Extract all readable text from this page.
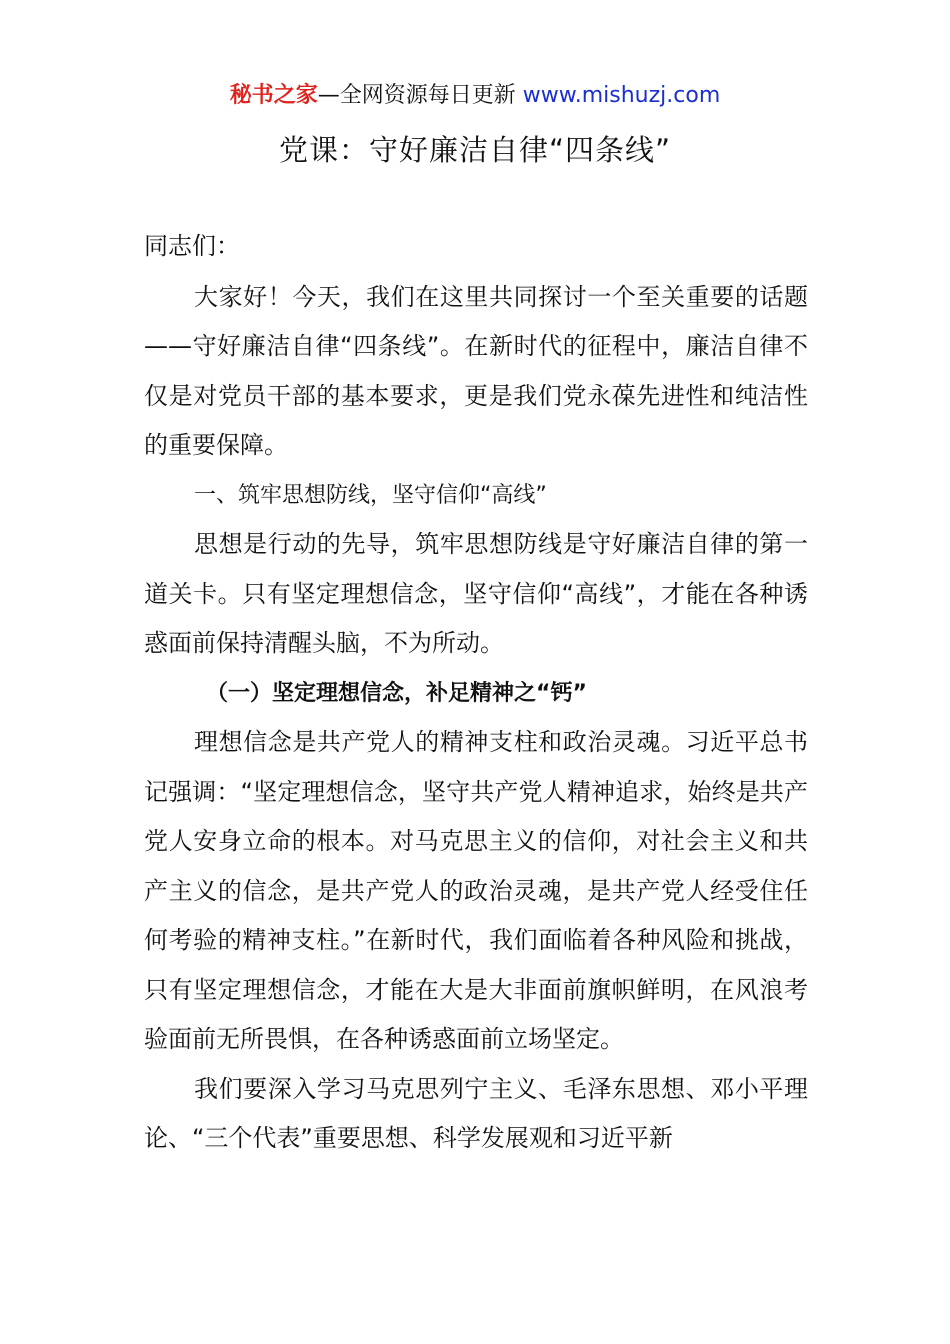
秘书之家—全网资源每日更新 www.mishuzj.com
党课：守好廉洁自律“四条线”

同志们：

大家好！今天，我们在这里共同探讨一个至关重要的话题——守好廉洁自律“四条线”。在新时代的征程中，廉洁自律不仅是对党员干部的基本要求，更是我们党永葆先进性和纯洁性的重要保障。

一、筑牢思想防线，坚守信仰“高线”

思想是行动的先导，筑牢思想防线是守好廉洁自律的第一道关卡。只有坚定理想信念，坚守信仰“高线”，才能在各种诱惑面前保持清醒头脑，不为所动。

（一）坚定理想信念，补足精神之“钙”

理想信念是共产党人的精神支柱和政治灵魂。习近平总书记强调：“坚定理想信念，坚守共产党人精神追求，始终是共产党人安身立命的根本。对马克思主义的信仰，对社会主义和共产主义的信念，是共产党人的政治灵魂，是共产党人经受住任何考验的精神支柱。”在新时代，我们面临着各种风险和挑战，只有坚定理想信念，才能在大是大非面前旗帜鲜明，在风浪考验面前无所畏惧，在各种诱惑面前立场坚定。

我们要深入学习马克思列宁主义、毛泽东思想、邓小平理论、“三个代表”重要思想、科学发展观和习近平新
